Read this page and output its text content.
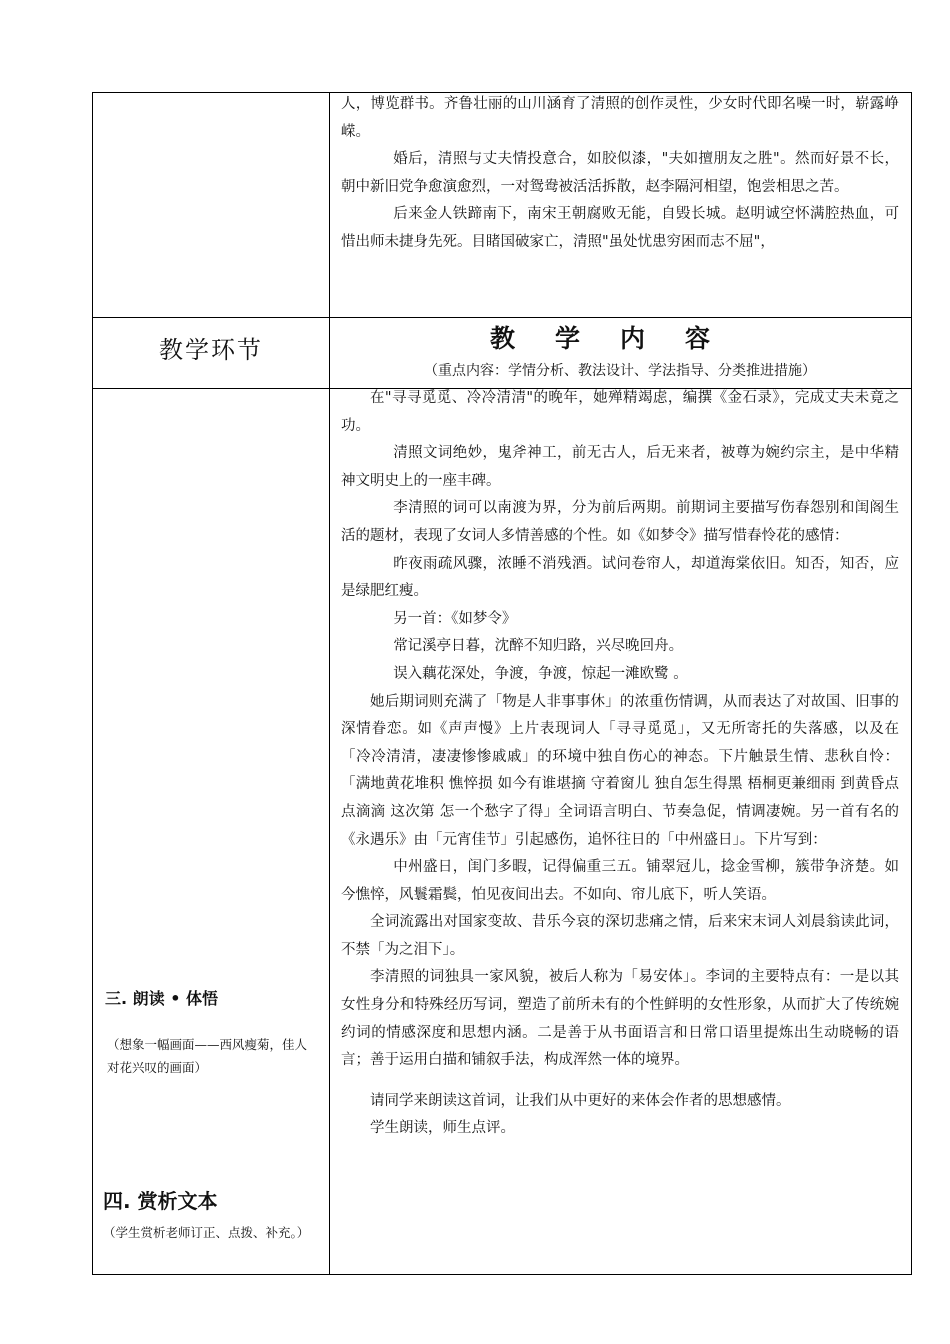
人，博览群书。齐鲁壮丽的山川涵育了清照的创作灵性，少女时代即名噪一时，崭露峥嵘。

婚后，清照与丈夫情投意合，如胶似漆，"夫如擅朋友之胜"。然而好景不长，朝中新旧党争愈演愈烈，一对鸳鸯被活活拆散，赵李隔河相望，饱尝相思之苦。

后来金人铁蹄南下，南宋王朝腐败无能，自毁长城。赵明诚空怀满腔热血，可惜出师未捷身先死。目睹国破家亡，清照"虽处忧患穷困而志不屈"，

教学环节	教学内容
（重点内容：学情分析、教法设计、学法指导、分类推进措施）
三. 朗读 • 体悟
（想象一幅画面——西风瘦菊，佳人对花兴叹的画面）
四. 赏析文本
（学生赏析老师订正、点拨、补充。）

在"寻寻觅觅、冷冷清清"的晚年，她殚精竭虑，编撰《金石录》，完成丈夫未竟之功。

清照文词绝妙，鬼斧神工，前无古人，后无来者，被尊为婉约宗主，是中华精神文明史上的一座丰碑。

李清照的词可以南渡为界，分为前后两期。前期词主要描写伤春怨别和闺阁生活的题材，表现了女词人多情善感的个性。如《如梦令》描写惜春怜花的感情：

昨夜雨疏风骤，浓睡不消残酒。试问卷帘人，却道海棠依旧。知否，知否，应是绿肥红瘦。

另一首：《如梦令》

常记溪亭日暮，沈醉不知归路，兴尽晚回舟。

误入藕花深处，争渡，争渡，惊起一滩欧鹭 。

她后期词则充满了「物是人非事事休」的浓重伤情调，从而表达了对故国、旧事的深情眷恋。如《声声慢》上片表现词人「寻寻觅觅」，又无所寄托的失落感，以及在「冷冷清清，凄凄惨惨戚戚」的环境中独自伤心的神态。下片触景生情、悲秋自怜：「满地黄花堆积 憔悴损 如今有谁堪摘 守着窗儿 独自怎生得黑 梧桐更兼细雨 到黄昏点点滴滴 这次第 怎一个愁字了得」全词语言明白、节奏急促，情调凄婉。另一首有名的《永遇乐》由「元宵佳节」引起感伤，追怀往日的「中州盛日」。下片写到：

中州盛日，闺门多暇，记得偏重三五。铺翠冠儿，捻金雪柳，簇带争济楚。如今憔悴，风鬟霜鬓，怕见夜间出去。不如向、帘儿底下，听人笑语。

全词流露出对国家变故、昔乐今哀的深切悲痛之情，后来宋末词人刘晨翁读此词，不禁「为之泪下」。

李清照的词独具一家风貌，被后人称为「易安体」。李词的主要特点有：一是以其女性身分和特殊经历写词，塑造了前所未有的个性鲜明的女性形象，从而扩大了传统婉约词的情感深度和思想内涵。二是善于从书面语言和日常口语里提炼出生动晓畅的语言；善于运用白描和铺叙手法，构成浑然一体的境界。

请同学来朗读这首词，让我们从中更好的来体会作者的思想感情。

学生朗读，师生点评。
